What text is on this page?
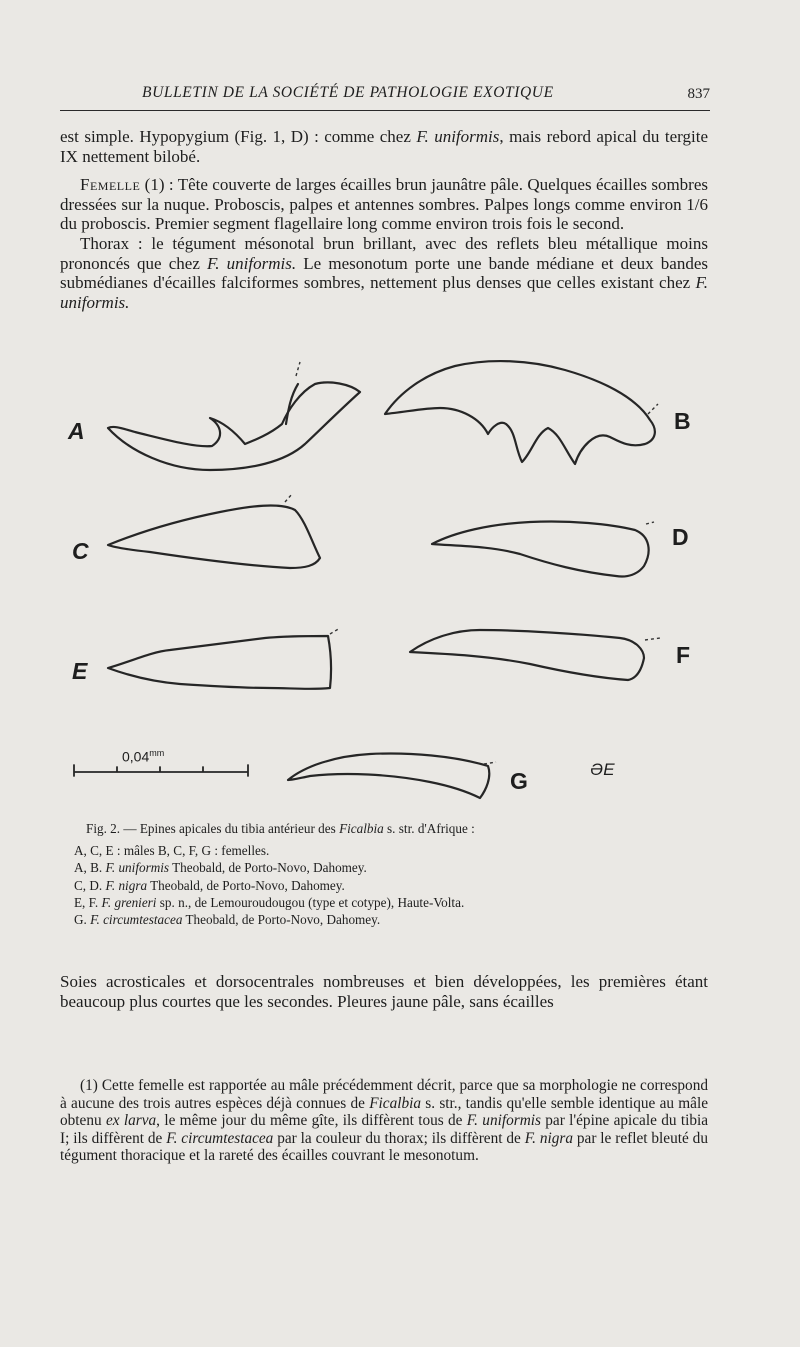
BULLETIN DE LA SOCIÉTÉ DE PATHOLOGIE EXOTIQUE	837

est simple. Hypopygium (Fig. 1, D) : comme chez F. uniformis, mais rebord apical du tergite IX nettement bilobé.

Femelle (1) : Tête couverte de larges écailles brun jaunâtre pâle. Quelques écailles sombres dressées sur la nuque. Proboscis, palpes et antennes sombres. Palpes longs comme environ 1/6 du proboscis. Premier segment flagellaire long comme environ trois fois le second.

Thorax : le tégument mésonotal brun brillant, avec des reflets bleu métallique moins prononcés que chez F. uniformis. Le mesonotum porte une bande médiane et deux bandes submédianes d'écailles falciformes sombres, nettement plus denses que celles existant chez F. uniformis.

A	B
C
D
E
F
G
$0,04^{mm}$
ƏE

Fig. 2. — Epines apicales du tibia antérieur des Ficalbia s. str. d'Afrique :

A, C, E : mâles B, C, F, G : femelles.

A, B. F. uniformis Theobald, de Porto-Novo, Dahomey.

C, D. F. nigra Theobald, de Porto-Novo, Dahomey.

E, F. F. grenieri sp. n., de Lemouroudougou (type et cotype), Haute-Volta.

G. F. circumtestacea Theobald, de Porto-Novo, Dahomey.

Soies acrosticales et dorsocentrales nombreuses et bien développées, les premières étant beaucoup plus courtes que les secondes. Pleures jaune pâle, sans écailles

(1) Cette femelle est rapportée au mâle précédemment décrit, parce que sa morphologie ne correspond à aucune des trois autres espèces déjà connues de Ficalbia s. str., tandis qu'elle semble identique au mâle obtenu ex larva, le même jour du même gîte, ils diffèrent tous de F. uniformis par l'épine apicale du tibia I; ils diffèrent de F. circumtestacea par la couleur du thorax; ils diffèrent de F. nigra par le reflet bleuté du tégument thoracique et la rareté des écailles couvrant le mesonotum.
